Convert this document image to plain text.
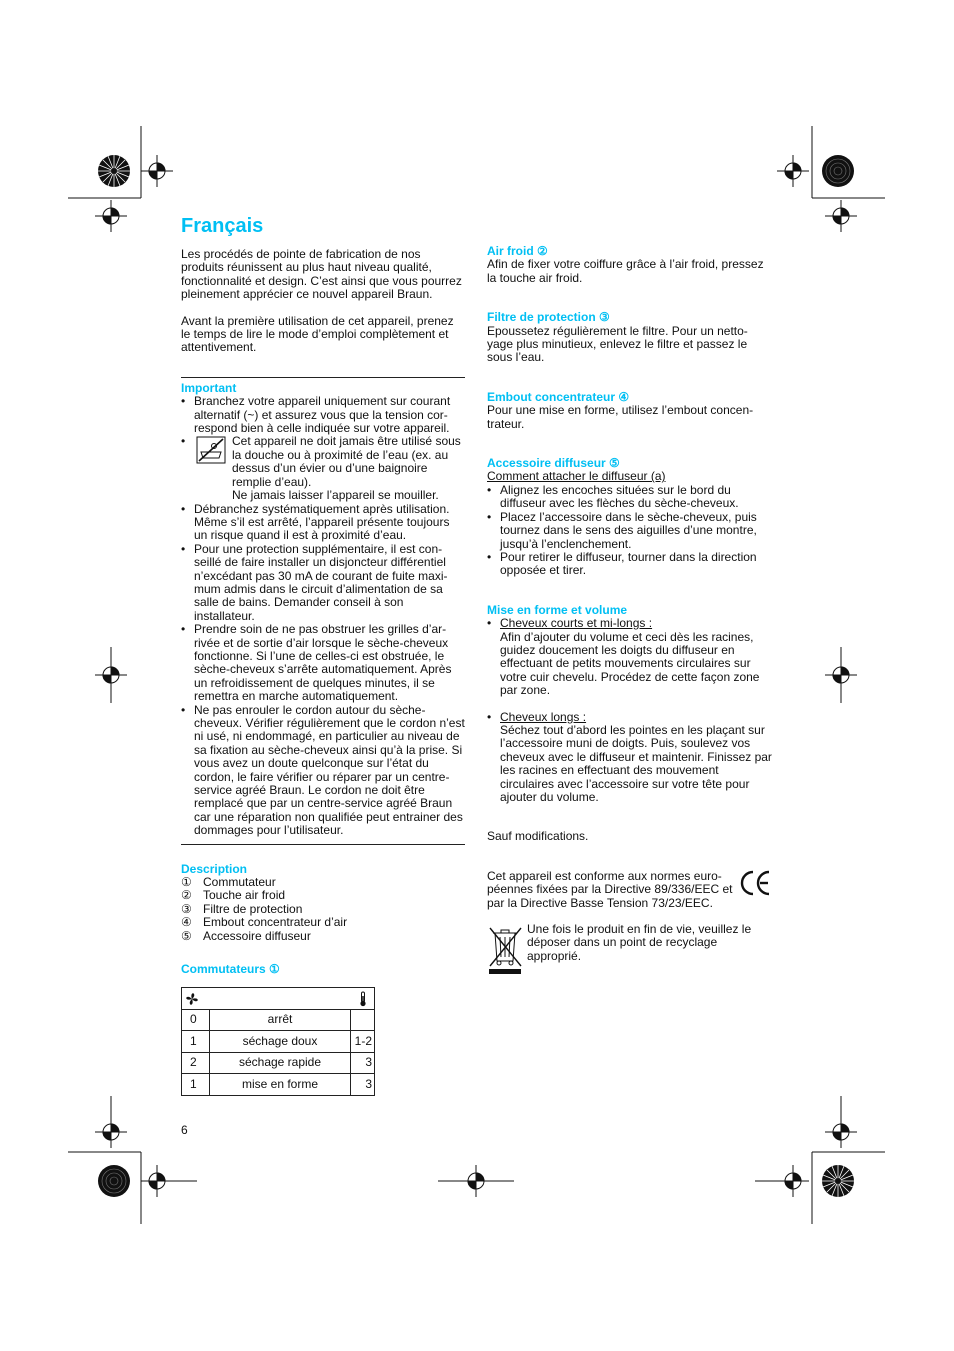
Français

Les procédés de pointe de fabrication de nos produits réunissent au plus haut niveau qualité, fonctionnalité et design. C’est ainsi que vous pourrez pleinement apprécier ce nouvel appareil Braun.

Avant la première utilisation de cet appareil, prenez le temps de lire le mode d’emploi complètement et attentivement.

Important
• Branchez votre appareil uniquement sur courant alternatif (~) et assurez vous que la tension cor-respond bien à celle indiquée sur votre appareil.
• Cet appareil ne doit jamais être utilisé sous la douche ou à proximité de l’eau (ex. au dessus d’un évier ou d’une baignoire remplie d’eau).
Ne jamais laisser l’appareil se mouiller.
• Débranchez systématiquement après utilisation. Même s’il est arrêté, l’appareil présente toujours un risque quand il est à proximité d’eau.
• Pour une protection supplémentaire, il est con-seillé de faire installer un disjoncteur différentiel n’excédant pas 30 mA de courant de fuite maxi-mum admis dans le circuit d’alimentation de sa salle de bains. Demander conseil à son installateur.
• Prendre soin de ne pas obstruer les grilles d’ar-rivée et de sortie d’air lorsque le sèche-cheveux fonctionne. Si l’une de celles-ci est obstruée, le sèche-cheveux s’arrête automatiquement. Après un refroidissement de quelques minutes, il se remettra en marche automatiquement.
• Ne pas enrouler le cordon autour du sèche-cheveux. Vérifier régulièrement que le cordon n’est ni usé, ni endommagé, en particulier au niveau de sa fixation au sèche-cheveux ainsi qu’à la prise. Si vous avez un doute quelconque sur l’état du cordon, le faire vérifier ou réparer par un centre-service agréé Braun. Le cordon ne doit être remplacé que par un centre-service agréé Braun car une réparation non qualifiée peut entrainer des dommages pour l’utilisateur.
Description
① Commutateur
② Touche air froid
③ Filtre de protection
④ Embout concentrateur d’air
⑤ Accessoire diffuseur
Commutateurs ①

0	arrêt	
1	séchage doux	1-2
2	séchage rapide	3
1	mise en forme	3
6
Air froid ②

Afin de fixer votre coiffure grâce à l’air froid, pressez la touche air froid.

Filtre de protection ③

Epoussetez régulièrement le filtre. Pour un netto-yage plus minutieux, enlevez le filtre et passez le sous l’eau.

Embout concentrateur ④

Pour une mise en forme, utilisez l’embout concen-trateur.

Accessoire diffuseur ⑤

Comment attacher le diffuseur (a)

• Alignez les encoches situées sur le bord du diffuseur avec les flèches du sèche-cheveux.
• Placez l’accessoire dans le sèche-cheveux, puis tournez dans le sens des aiguilles d’une montre, jusqu’à l’enclenchement.
• Pour retirer le diffuseur, tourner dans la direction opposée et tirer.
Mise en forme et volume
• Cheveux courts et mi-longs :
Afin d’ajouter du volume et ceci dès les racines, guidez doucement les doigts du diffuseur en effectuant de petits mouvements circulaires sur votre cuir chevelu. Procédez de cette façon zone par zone.
• Cheveux longs :
Séchez tout d’abord les pointes en les plaçant sur l’accessoire muni de doigts. Puis, soulevez vos cheveux avec le diffuseur et maintenir. Finissez par les racines en effectuant des mouvement circulaires avec l’accessoire sur votre tête pour ajouter du volume.

Sauf modifications.

Cet appareil est conforme aux normes euro-péennes fixées par la Directive 89/336/EEC et par la Directive Basse Tension 73/23/EEC.

Une fois le produit en fin de vie, veuillez le déposer dans un point de recyclage approprié.
